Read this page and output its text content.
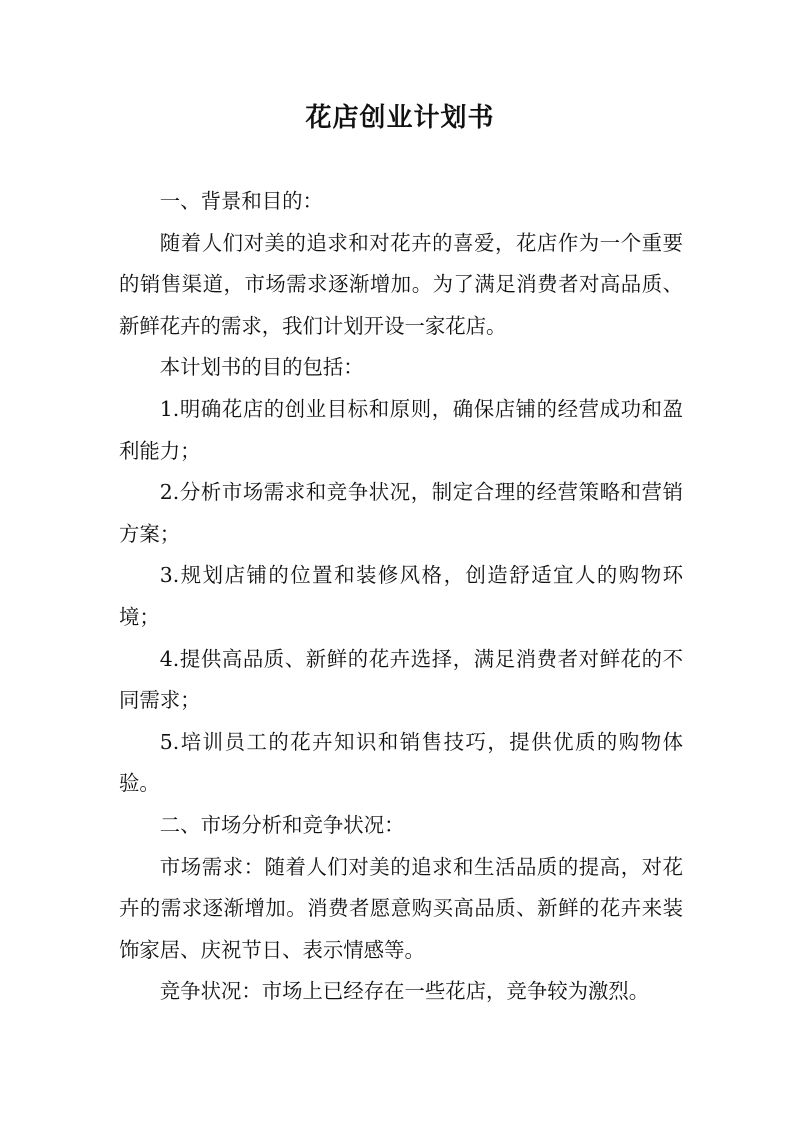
花店创业计划书

一、背景和目的：

随着人们对美的追求和对花卉的喜爱，花店作为一个重要的销售渠道，市场需求逐渐增加。为了满足消费者对高品质、新鲜花卉的需求，我们计划开设一家花店。

本计划书的目的包括：

1.明确花店的创业目标和原则，确保店铺的经营成功和盈利能力；

2.分析市场需求和竞争状况，制定合理的经营策略和营销方案；

3.规划店铺的位置和装修风格，创造舒适宜人的购物环境；

4.提供高品质、新鲜的花卉选择，满足消费者对鲜花的不同需求；

5.培训员工的花卉知识和销售技巧，提供优质的购物体验。

二、市场分析和竞争状况：

市场需求：随着人们对美的追求和生活品质的提高，对花卉的需求逐渐增加。消费者愿意购买高品质、新鲜的花卉来装饰家居、庆祝节日、表示情感等。

竞争状况：市场上已经存在一些花店，竞争较为激烈。
